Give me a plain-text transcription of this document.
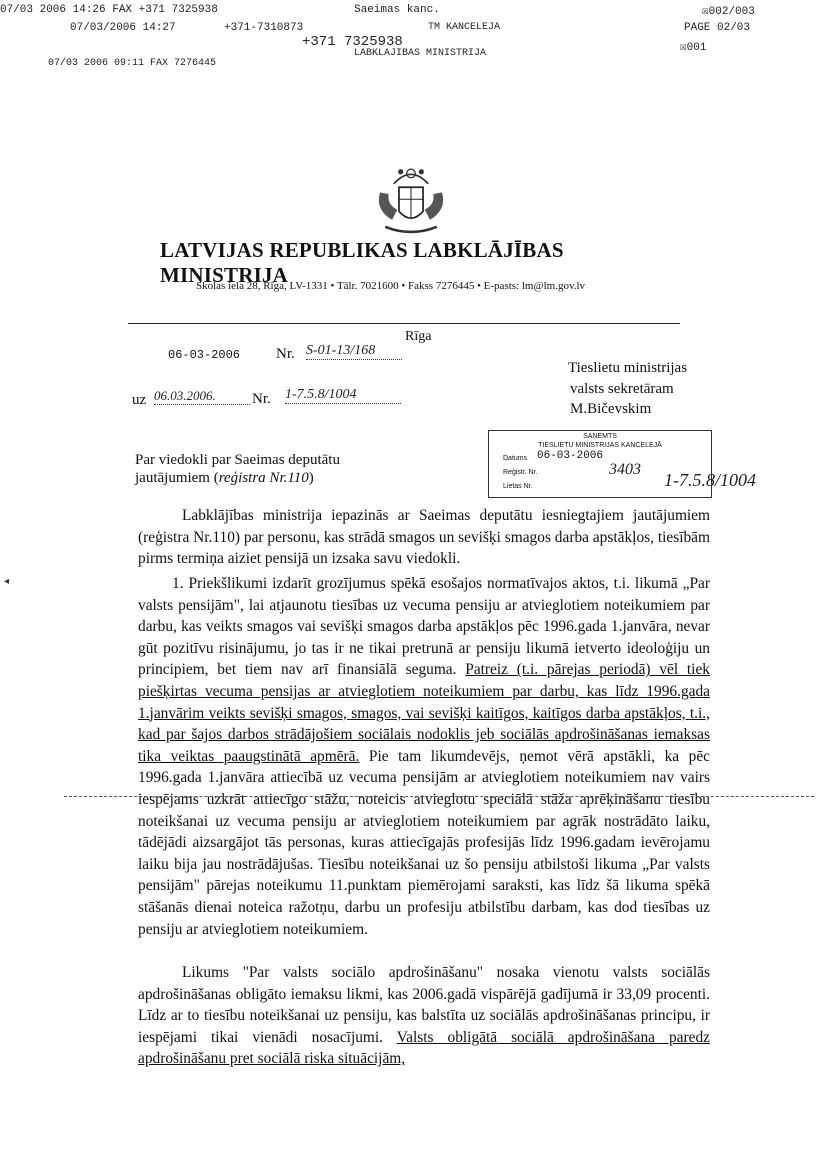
07/03 2006 14:26 FAX +371 7325938	Saeimas kanc.	☒002/003
07/03/2006 14:27	+371-7310873	TM KANCELEJA	PAGE 02/03
+371 7325938
LABKLAJIBAS MINISTRIJA	☒001
07/03 2006 09:11 FAX 7276445
LATVIJAS REPUBLIKAS LABKLĀJĪBAS MINISTRIJA
Skolas iela 28, Rīga, LV-1331 • Tālr. 7021600 • Fakss 7276445 • E-pasts: lm@lm.gov.lv
Rīga
06-03-2006 Nr. S-01-13/168
uz 06.03.2006.	Nr. 1-7.5.8/1004
Tieslietu ministrijas
valsts sekretāram
M.Bičevskim
Par viedokli par Saeimas deputātu
jautājumiem (reģistra Nr.110)
SAŅEMTS
TIESLIETU MINISTRIJAS KANCELEJĀ
Datums 06-03-2006
Reģistr. Nr.	3403
Lietas Nr.	1-7.5.8/1004
Labklājības ministrija iepazinās ar Saeimas deputātu iesniegtajiem jautājumiem (reģistra Nr.110) par personu, kas strādā smagos un sevišķi smagos darba apstākļos, tiesībām pirms termiņa aiziet pensijā un izsaka savu viedokli.
1. Priekšlikumi izdarīt grozījumus spēkā esošajos normatīvajos aktos, t.i. likumā „Par valsts pensijām", lai atjaunotu tiesības uz vecuma pensiju ar atvieglotiem noteikumiem par darbu, kas veikts smagos vai sevišķi smagos darba apstākļos pēc 1996.gada 1.janvāra, nevar gūt pozitīvu risinājumu, jo tas ir ne tikai pretrunā ar pensiju likumā ietverto ideoloģiju un principiem, bet tiem nav arī finansiālā seguma. Patreiz (t.i. pārejas periodā) vēl tiek piešķirtas vecuma pensijas ar atvieglotiem noteikumiem par darbu, kas līdz 1996.gada 1.janvārim veikts sevišķi smagos, smagos, vai sevišķi kaitīgos, kaitīgos darba apstākļos, t.i., kad par šajos darbos strādājošiem sociālais nodoklis jeb sociālās apdrošināšanas iemaksas tika veiktas paaugstinātā apmērā. Pie tam likumdevējs, ņemot vērā apstākli, ka pēc 1996.gada 1.janvāra attiecībā uz vecuma pensijām ar atvieglotiem noteikumiem nav vairs iespējams uzkrāt attiecīgo stāžu, noteicis atvieglotu speciālā stāža aprēķināšanu tiesību noteikšanai uz vecuma pensiju ar atvieglotiem noteikumiem par agrāk nostrādāto laiku, tādējādi aizsargājot tās personas, kuras attiecīgajās profesijās līdz 1996.gadam ievērojamu laiku bija jau nostrādājušas. Tiesību noteikšanai uz šo pensiju atbilstoši likuma „Par valsts pensijām" pārejas noteikumu 11.punktam piemērojami saraksti, kas līdz šā likuma spēkā stāšanās dienai noteica ražotņu, darbu un profesiju atbilstību darbam, kas dod tiesības uz pensiju ar atvieglotiem noteikumiem.
Likums "Par valsts sociālo apdrošināšanu" nosaka vienotu valsts sociālās apdrošināšanas obligāto iemaksu likmi, kas 2006.gadā vispārējā gadījumā ir 33,09 procenti. Līdz ar to tiesību noteikšanai uz pensiju, kas balstīta uz sociālās apdrošināšanas principu, ir iespējami tikai vienādi nosacījumi. Valsts obligātā sociālā apdrošināšana paredz apdrošināšanu pret sociālā riska situācijām,
◂
